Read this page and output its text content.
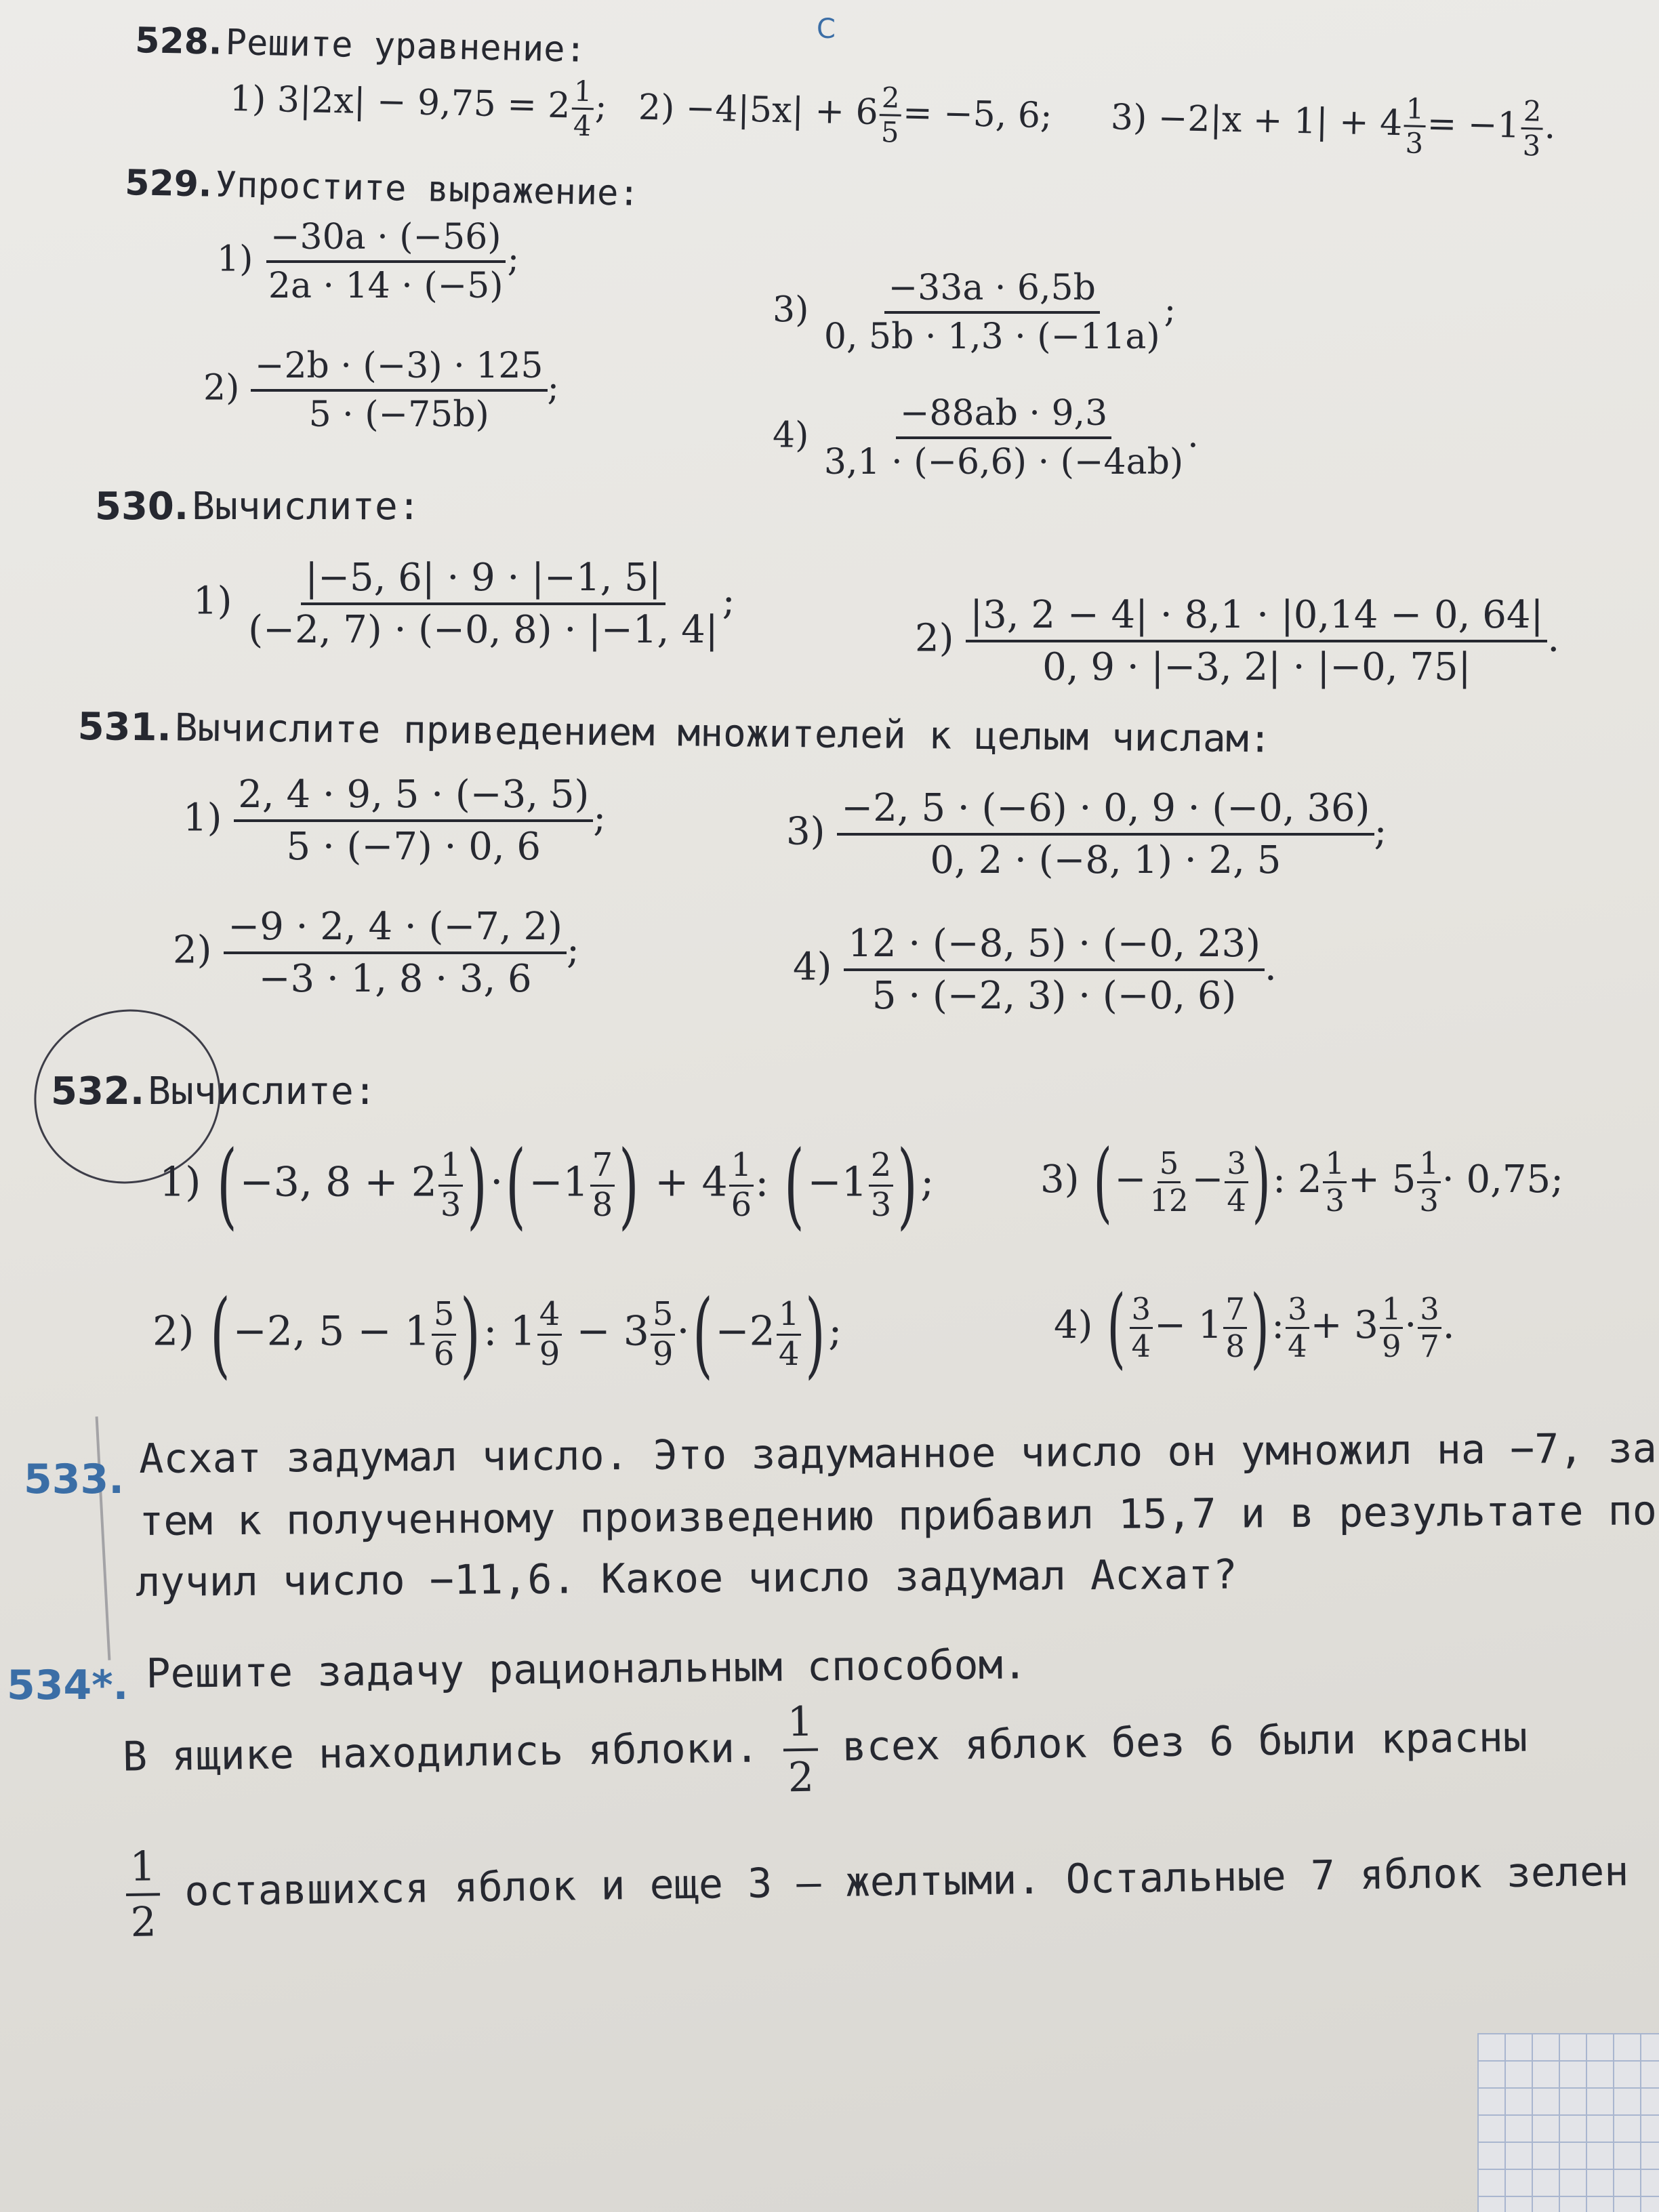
528. Решите уравнение:	С
1) $3|2x| - 9,75 = 2 \frac{1}{4}$ ; $2) -4|5x| + 6 \frac{2}{5} = -5$, 6; $3) -2|x + 1| + 4 \frac{1}{3} = -1 \frac{2}{3}$ .
529. Упростите выражение:
$1) \frac{-30a \cdot (-56)}{2a \cdot 14 \cdot (-5)}$ ;
$2) \frac{-2b \cdot (-3) \cdot 125}{5 \cdot (-75b)}$ ;
$3) \frac{-33a \cdot 6,5b}{0, 5b \cdot 1,3 \cdot (-11a)}$ ;
$4) \frac{-88ab \cdot 9,3}{3,1 \cdot (-6,6) \cdot (-4ab)}$ .
530. Вычислите:
$1) \frac{|-5, 6| \cdot 9 \cdot |-1, 5|}{(-2, 7) \cdot (-0, 8) \cdot |-1, 4|}$ ;
$2) \frac{|3, 2 - 4| \cdot 8,1 \cdot |0,14 - 0, 64|}{0, 9 \cdot |-3, 2| \cdot |-0, 75|}$ .
531. Вычислите приведением множителей к целым числам:
$1) \frac{2, 4 \cdot 9, 5 \cdot (-3, 5)}{5 \cdot (-7) \cdot 0, 6}$ ;
$2) \frac{-9 \cdot 2, 4 \cdot (-7, 2)}{-3 \cdot 1, 8 \cdot 3, 6}$ ;
$3) \frac{-2, 5 \cdot (-6) \cdot 0, 9 \cdot (-0, 36)}{0, 2 \cdot (-8, 1) \cdot 2, 5}$ ;
$4) \frac{12 \cdot (-8, 5) \cdot (-0, 23)}{5 \cdot (-2, 3) \cdot (-0, 6)}$ .
532. Вычислите:
1) (−3, $8 + 2 \frac{1}{3} )\cdot(-1 \frac{7}{8}$ ) + $4 \frac{1}{6}$ : ($-1 \frac{2}{3}$ );
2) (−2, $5 - 1 \frac{5}{6}$ ): $1 \frac{4}{9} - 3 \frac{5}{9} \cdot(-2 \frac{1}{4}$ );
3) (− $\frac{5}{12} - \frac{3}{4}$ ): $2 \frac{1}{3} + 5 \frac{1}{3} \cdot 0,75$;
4) ( $\frac{3}{4} - 1 \frac{7}{8}$ ): $\frac{3}{4} + 3 \frac{1}{9} \cdot \frac{3}{7}$ .
533. Асхат задумал число. Это задуманное число он умножил на −7, за
тем к полученному произведению прибавил 15,7 и в результате по
лучил число −11,6. Какое число задумал Асхат?
534*. Решите задачу рациональным способом.
В ящике находились яблоки. $\frac{1}{2}$ всех яблок без 6 были красны
$\frac{1}{2}$ оставшихся яблок и еще 3 – желтыми. Остальные 7 яблок зелен
